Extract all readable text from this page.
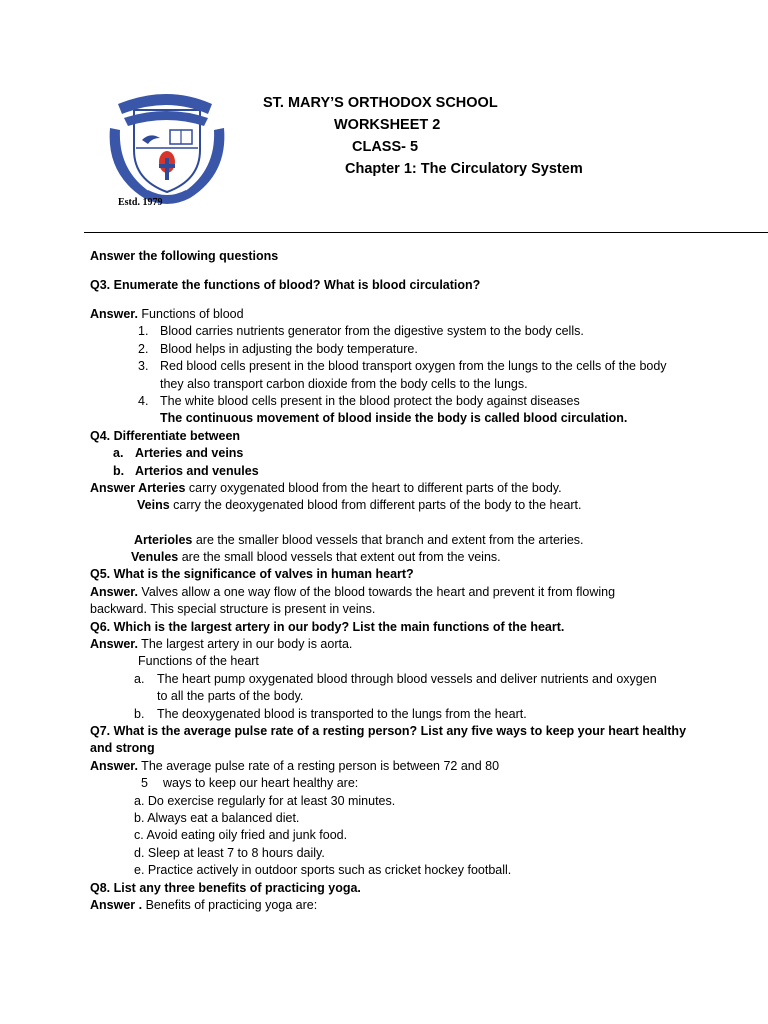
Estd. 1979
ST. MARY’S ORTHODOX SCHOOL
WORKSHEET 2
CLASS- 5
Chapter 1: The Circulatory System
Answer the following questions
Q3. Enumerate the functions of blood? What is blood circulation?
Answer. Functions of blood
1. Blood carries nutrients generator from the digestive system to the body cells.
2. Blood helps in adjusting the body temperature.
3. Red blood cells present in the blood transport oxygen from the lungs to the cells of the body
they also transport carbon dioxide from the body cells to the lungs.
4. The white blood cells present in the blood protect the body against diseases
The continuous movement of blood inside the body is called blood circulation.
Q4. Differentiate between
a. Arteries and veins
b. Arterios and venules
Answer Arteries carry oxygenated blood from the heart to different parts of the body.
Veins carry the deoxygenated blood from different parts of the body to the heart.
Arterioles are the smaller blood vessels that branch and extent from the arteries.
Venules are the small blood vessels that extent out from the veins.
Q5. What is the significance of valves in human heart?
Answer. Valves allow a one way flow of the blood towards the heart and prevent it from flowing
backward. This special structure is present in veins.
Q6. Which is the largest artery in our body? List the main functions of the heart.
Answer. The largest artery in our body is aorta.
Functions of the heart
a. The heart pump oxygenated blood through blood vessels and deliver nutrients and oxygen
to all the parts of the body.
b. The deoxygenated blood is transported to the lungs from the heart.
Q7. What is the average pulse rate of a resting person? List any five ways to keep your heart healthy
and strong
Answer. The average pulse rate of a resting person is between 72 and 80
5 ways to keep our heart healthy are:
a. Do exercise regularly for at least 30 minutes.
b. Always eat a balanced diet.
c. Avoid eating oily fried and junk food.
d. Sleep at least 7 to 8 hours daily.
e. Practice actively in outdoor sports such as cricket hockey football.
Q8. List any three benefits of practicing yoga.
Answer . Benefits of practicing yoga are:
